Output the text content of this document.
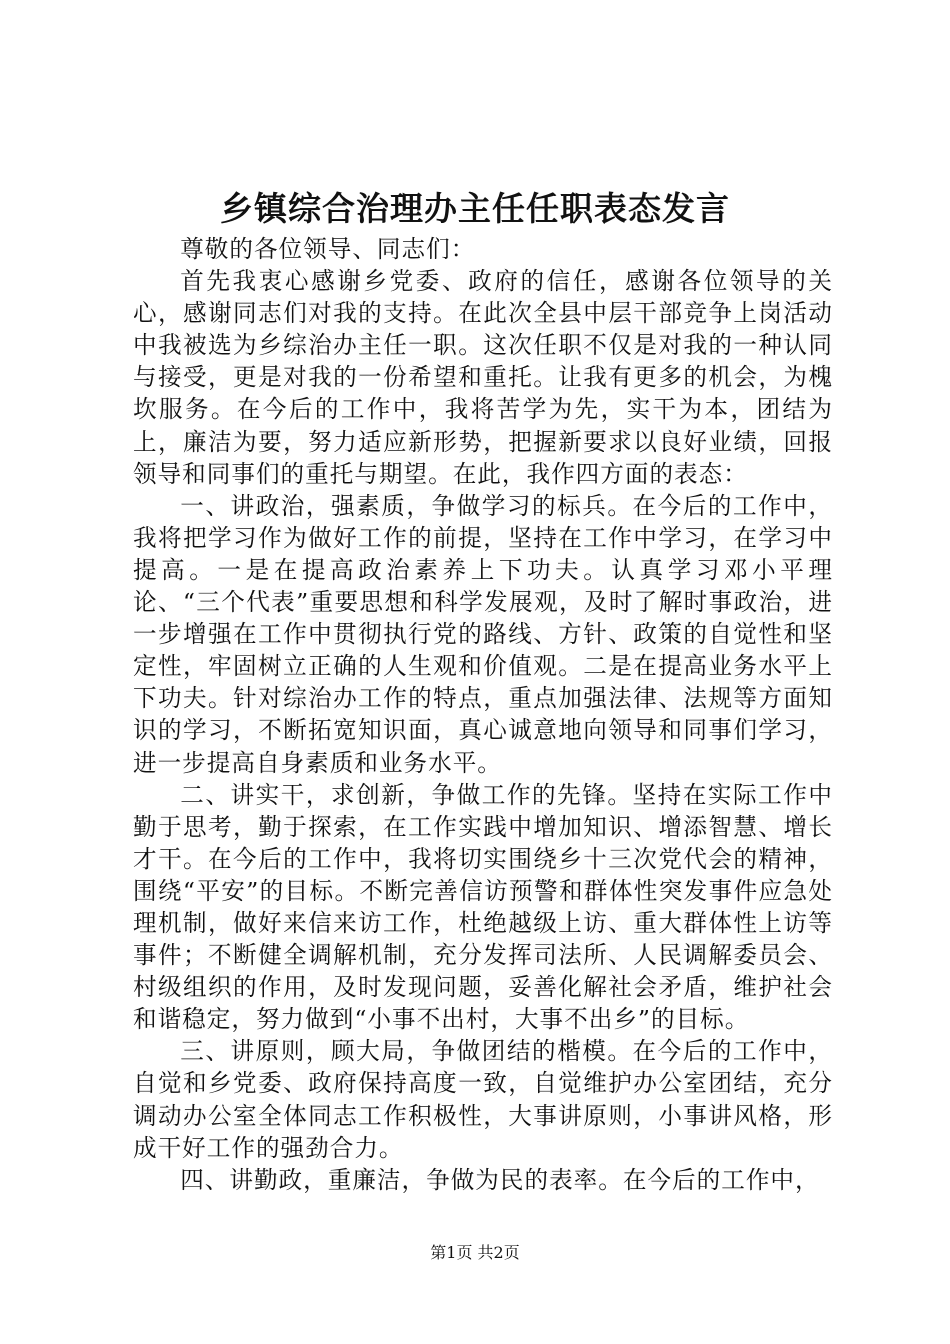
乡镇综合治理办主任任职表态发言

尊敬的各位领导、同志们：

首先我衷心感谢乡党委、政府的信任，感谢各位领导的关心，感谢同志们对我的支持。在此次全县中层干部竞争上岗活动中我被选为乡综治办主任一职。这次任职不仅是对我的一种认同与接受，更是对我的一份希望和重托。让我有更多的机会，为槐坎服务。在今后的工作中，我将苦学为先，实干为本，团结为上，廉洁为要，努力适应新形势，把握新要求以良好业绩，回报领导和同事们的重托与期望。在此，我作四方面的表态：

一、讲政治，强素质，争做学习的标兵。在今后的工作中，我将把学习作为做好工作的前提，坚持在工作中学习，在学习中提高。一是在提高政治素养上下功夫。认真学习邓小平理论、“三个代表”重要思想和科学发展观，及时了解时事政治，进一步增强在工作中贯彻执行党的路线、方针、政策的自觉性和坚定性，牢固树立正确的人生观和价值观。二是在提高业务水平上下功夫。针对综治办工作的特点，重点加强法律、法规等方面知识的学习，不断拓宽知识面，真心诚意地向领导和同事们学习，进一步提高自身素质和业务水平。

二、讲实干，求创新，争做工作的先锋。坚持在实际工作中勤于思考，勤于探索，在工作实践中增加知识、增添智慧、增长才干。在今后的工作中，我将切实围绕乡十三次党代会的精神，围绕“平安”的目标。不断完善信访预警和群体性突发事件应急处理机制，做好来信来访工作，杜绝越级上访、重大群体性上访等事件；不断健全调解机制，充分发挥司法所、人民调解委员会、村级组织的作用，及时发现问题，妥善化解社会矛盾，维护社会和谐稳定，努力做到“小事不出村，大事不出乡”的目标。

三、讲原则，顾大局，争做团结的楷模。在今后的工作中，自觉和乡党委、政府保持高度一致，自觉维护办公室团结，充分调动办公室全体同志工作积极性，大事讲原则，小事讲风格，形成干好工作的强劲合力。

四、讲勤政，重廉洁，争做为民的表率。在今后的工作中，

第1页 共2页
